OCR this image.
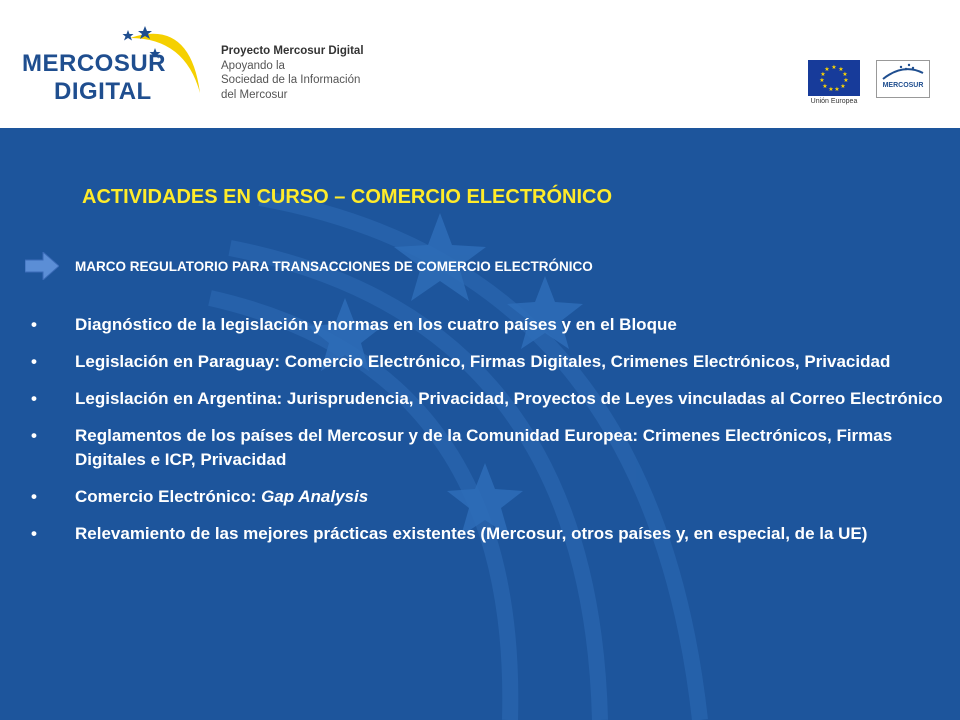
MERCOSUR
DIGITAL
Proyecto Mercosur Digital
Apoyando la
Sociedad de la Información
del Mercosur
★ ★
★
★
★
★
★
★
★
★
★
Unión Europea
MERCOSUR
ACTIVIDADES EN CURSO – COMERCIO ELECTRÓNICO
MARCO REGULATORIO PARA TRANSACCIONES DE COMERCIO ELECTRÓNICO
• Diagnóstico de la legislación y normas en los cuatro países y en el Bloque
• Legislación en Paraguay: Comercio Electrónico, Firmas Digitales, Crimenes Electrónicos, Privacidad
• Legislación en Argentina: Jurisprudencia, Privacidad, Proyectos de Leyes vinculadas al Correo Electrónico
• Reglamentos de los países del Mercosur y de la Comunidad Europea: Crimenes Electrónicos, Firmas Digitales e ICP, Privacidad
• Comercio Electrónico: Gap Analysis
• Relevamiento de las mejores prácticas existentes (Mercosur, otros países y, en especial, de la UE)
